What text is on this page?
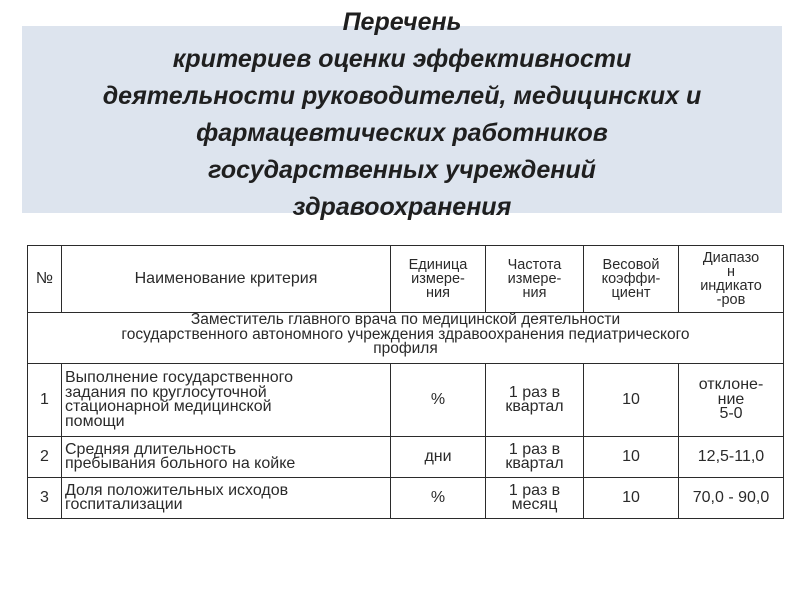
Перечень
критериев оценки эффективности
деятельности руководителей, медицинских и
фармацевтических работников
государственных учреждений
здравоохранения
№	Наименование критерия	Единица
измере-
ния	Частота
измере-
ния	Весовой
коэффи-
циент	Диапазо
н
индикато
-ров

Заместитель главного врача по медицинской деятельности
государственного автономного учреждения здравоохранения педиатрического
профиля					

1	Выполнение государственного
задания по круглосуточной
стационарной медицинской
помощи	%	1 раз в квартал	10	отклоне-
ние
5-0

2	Средняя длительность
пребывания больного на койке	дни	1 раз в квартал	10	12,5-11,0

3	Доля положительных исходов
госпитализации	%	1 раз в месяц	10	70,0 - 90,0
